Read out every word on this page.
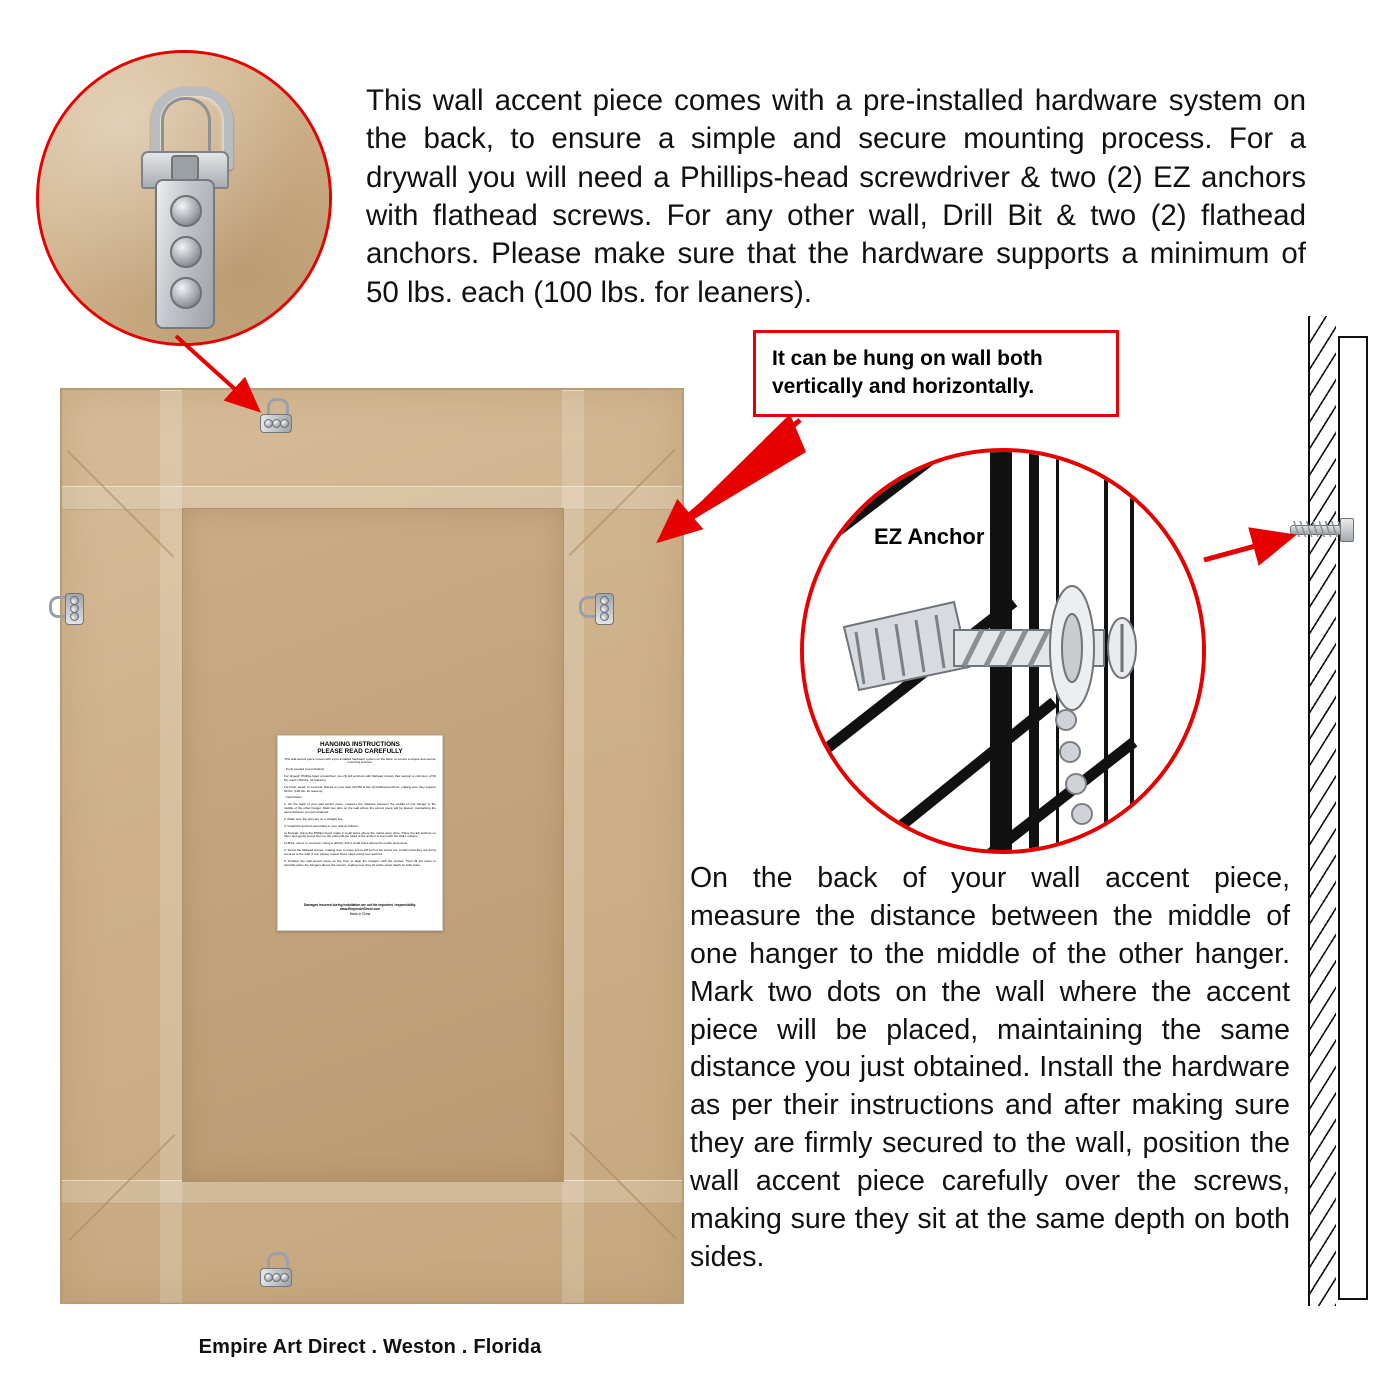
This wall accent piece comes with a pre-installed hardware system on the back, to ensure a simple and secure mounting process. For a drywall you will need a Phillips-head screwdriver & two (2) EZ anchors with flathead screws. For any other wall, Drill Bit & two (2) flathead anchors. Please make sure that the hardware supports a minimum of 50 lbs. each (100 lbs. for leaners).
HANGING INSTRUCTIONS
PLEASE READ CAREFULLY
This wall accent piece comes with a pre-installed hardware system on the back, to ensure a simple and secure mounting process.
- Tools needed (not included)
For drywall: Phillips-head screwdriver, two (2) EZ anchors with flathead screws that support a minimum of 50 lbs. each (100 lbs. for leaners).
For brick, wood, or concrete: Based on your wall, Drill Bit & two (2) flathead anchors, making sure they support 50 lbs. (100 lbs. for leaners).
- Instructions:
1. On the back of your wall accent piece, measure the distance between the middle of one hanger to the middle of the other hanger. Mark two dots on the wall where the accent piece will be placed, maintaining the same distance you just obtained.
2. Make sure the dots are on a straight line.
3. Install the anchors according to your wall as follows:
a) Drywall: Using the Phillips head, make 2 small holes where the marks were done. Place the EZ anchors on them and gently screw them to the wall until the head of the anchor is even with the wall's surface.
b) Brick, wood, or concrete: Using a drill bit, drill 2 small holes where the marks were done.
4. Screw the flathead screws, making sure to leave 1/4-to-1/8 inch of the screw out. Confirm that they are firmly secured to the wall. If not, please repeat these steps using new anchors.
5. Position the wall accent piece on the floor to align the hangers with the screws. Then lift the piece to carefully place the hangers above the screws, making sure they sit at the same depth on both sides.
Damages incurred during installation are not the importers' responsibility.
www.EmpireArtDirect.com
Made in China
Empire Art Direct . Weston . Florida
It can be hung on wall both vertically and horizontally.
EZ Anchor
On the back of your wall accent piece, measure the distance between the middle of one hanger to the middle of the other hanger. Mark two dots on the wall where the accent piece will be placed, maintaining the same distance you just obtained. Install the hardware as per their instructions and after making sure they are firmly secured to the wall, position the wall accent piece carefully over the screws, making sure they sit at the same depth on both sides.
